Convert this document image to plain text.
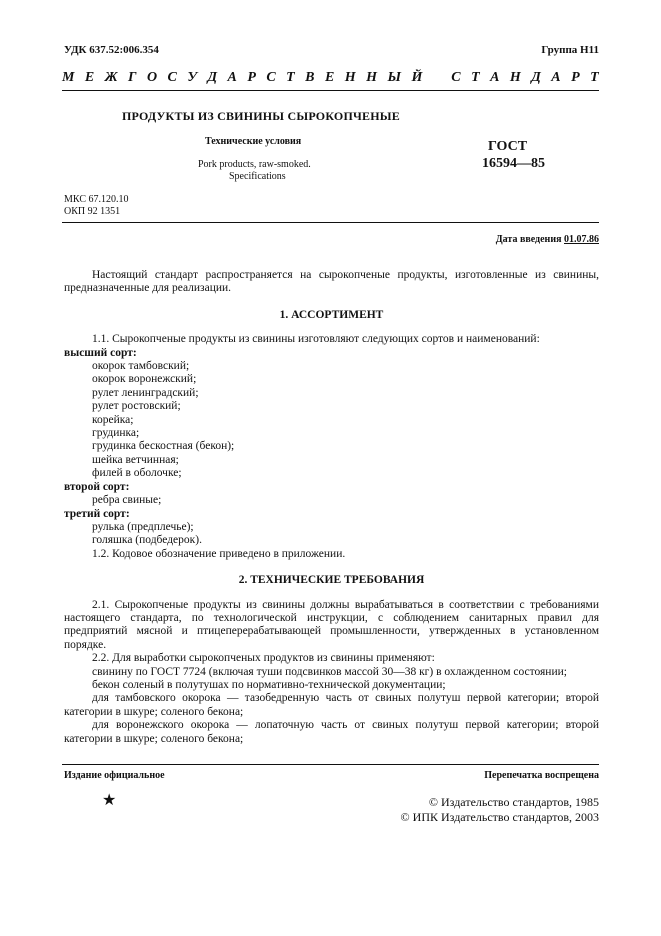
УДК 637.52:006.354	Группа Н11
М Е Ж Г О С У Д А Р С Т В Е Н Н Ы Й С Т А Н Д А Р Т
ПРОДУКТЫ ИЗ СВИНИНЫ СЫРОКОПЧЕНЫЕ
Технические условия
Pork products, raw-smoked.
Specifications
ГОСТ
16594—85
МКС 67.120.10
ОКП 92 1351
Дата введения 01.07.86

Настоящий стандарт распространяется на сырокопченые продукты, изготовленные из свинины, предназначенные для реализации.

1. АССОРТИМЕНТ

1.1. Сырокопченые продукты из свинины изготовляют следующих сортов и наименований:

высший сорт:
окорок тамбовский;
окорок воронежский;
рулет ленинградский;
рулет ростовский;
корейка;
грудинка;
грудинка бескостная (бекон);
шейка ветчинная;
филей в оболочке;
второй сорт:
ребра свиные;
третий сорт:
рулька (предплечье);
голяшка (подбедерок).

1.2. Кодовое обозначение приведено в приложении.

2. ТЕХНИЧЕСКИЕ ТРЕБОВАНИЯ

2.1. Сырокопченые продукты из свинины должны вырабатываться в соответствии с требованиями настоящего стандарта, по технологической инструкции, с соблюдением санитарных правил для предприятий мясной и птицеперерабатывающей промышленности, утвержденных в установленном порядке.

2.2. Для выработки сырокопченых продуктов из свинины применяют:

свинину по ГОСТ 7724 (включая туши подсвинков массой 30—38 кг) в охлажденном состоянии;

бекон соленый в полутушах по нормативно-технической документации;

для тамбовского окорока — тазобедренную часть от свиных полутуш первой категории; второй категории в шкуре; соленого бекона;

для воронежского окорока — лопаточную часть от свиных полутуш первой категории; второй категории в шкуре; соленого бекона;

Издание официальное	Перепечатка воспрещена
★	© Издательство стандартов, 1985
© ИПК Издательство стандартов, 2003
